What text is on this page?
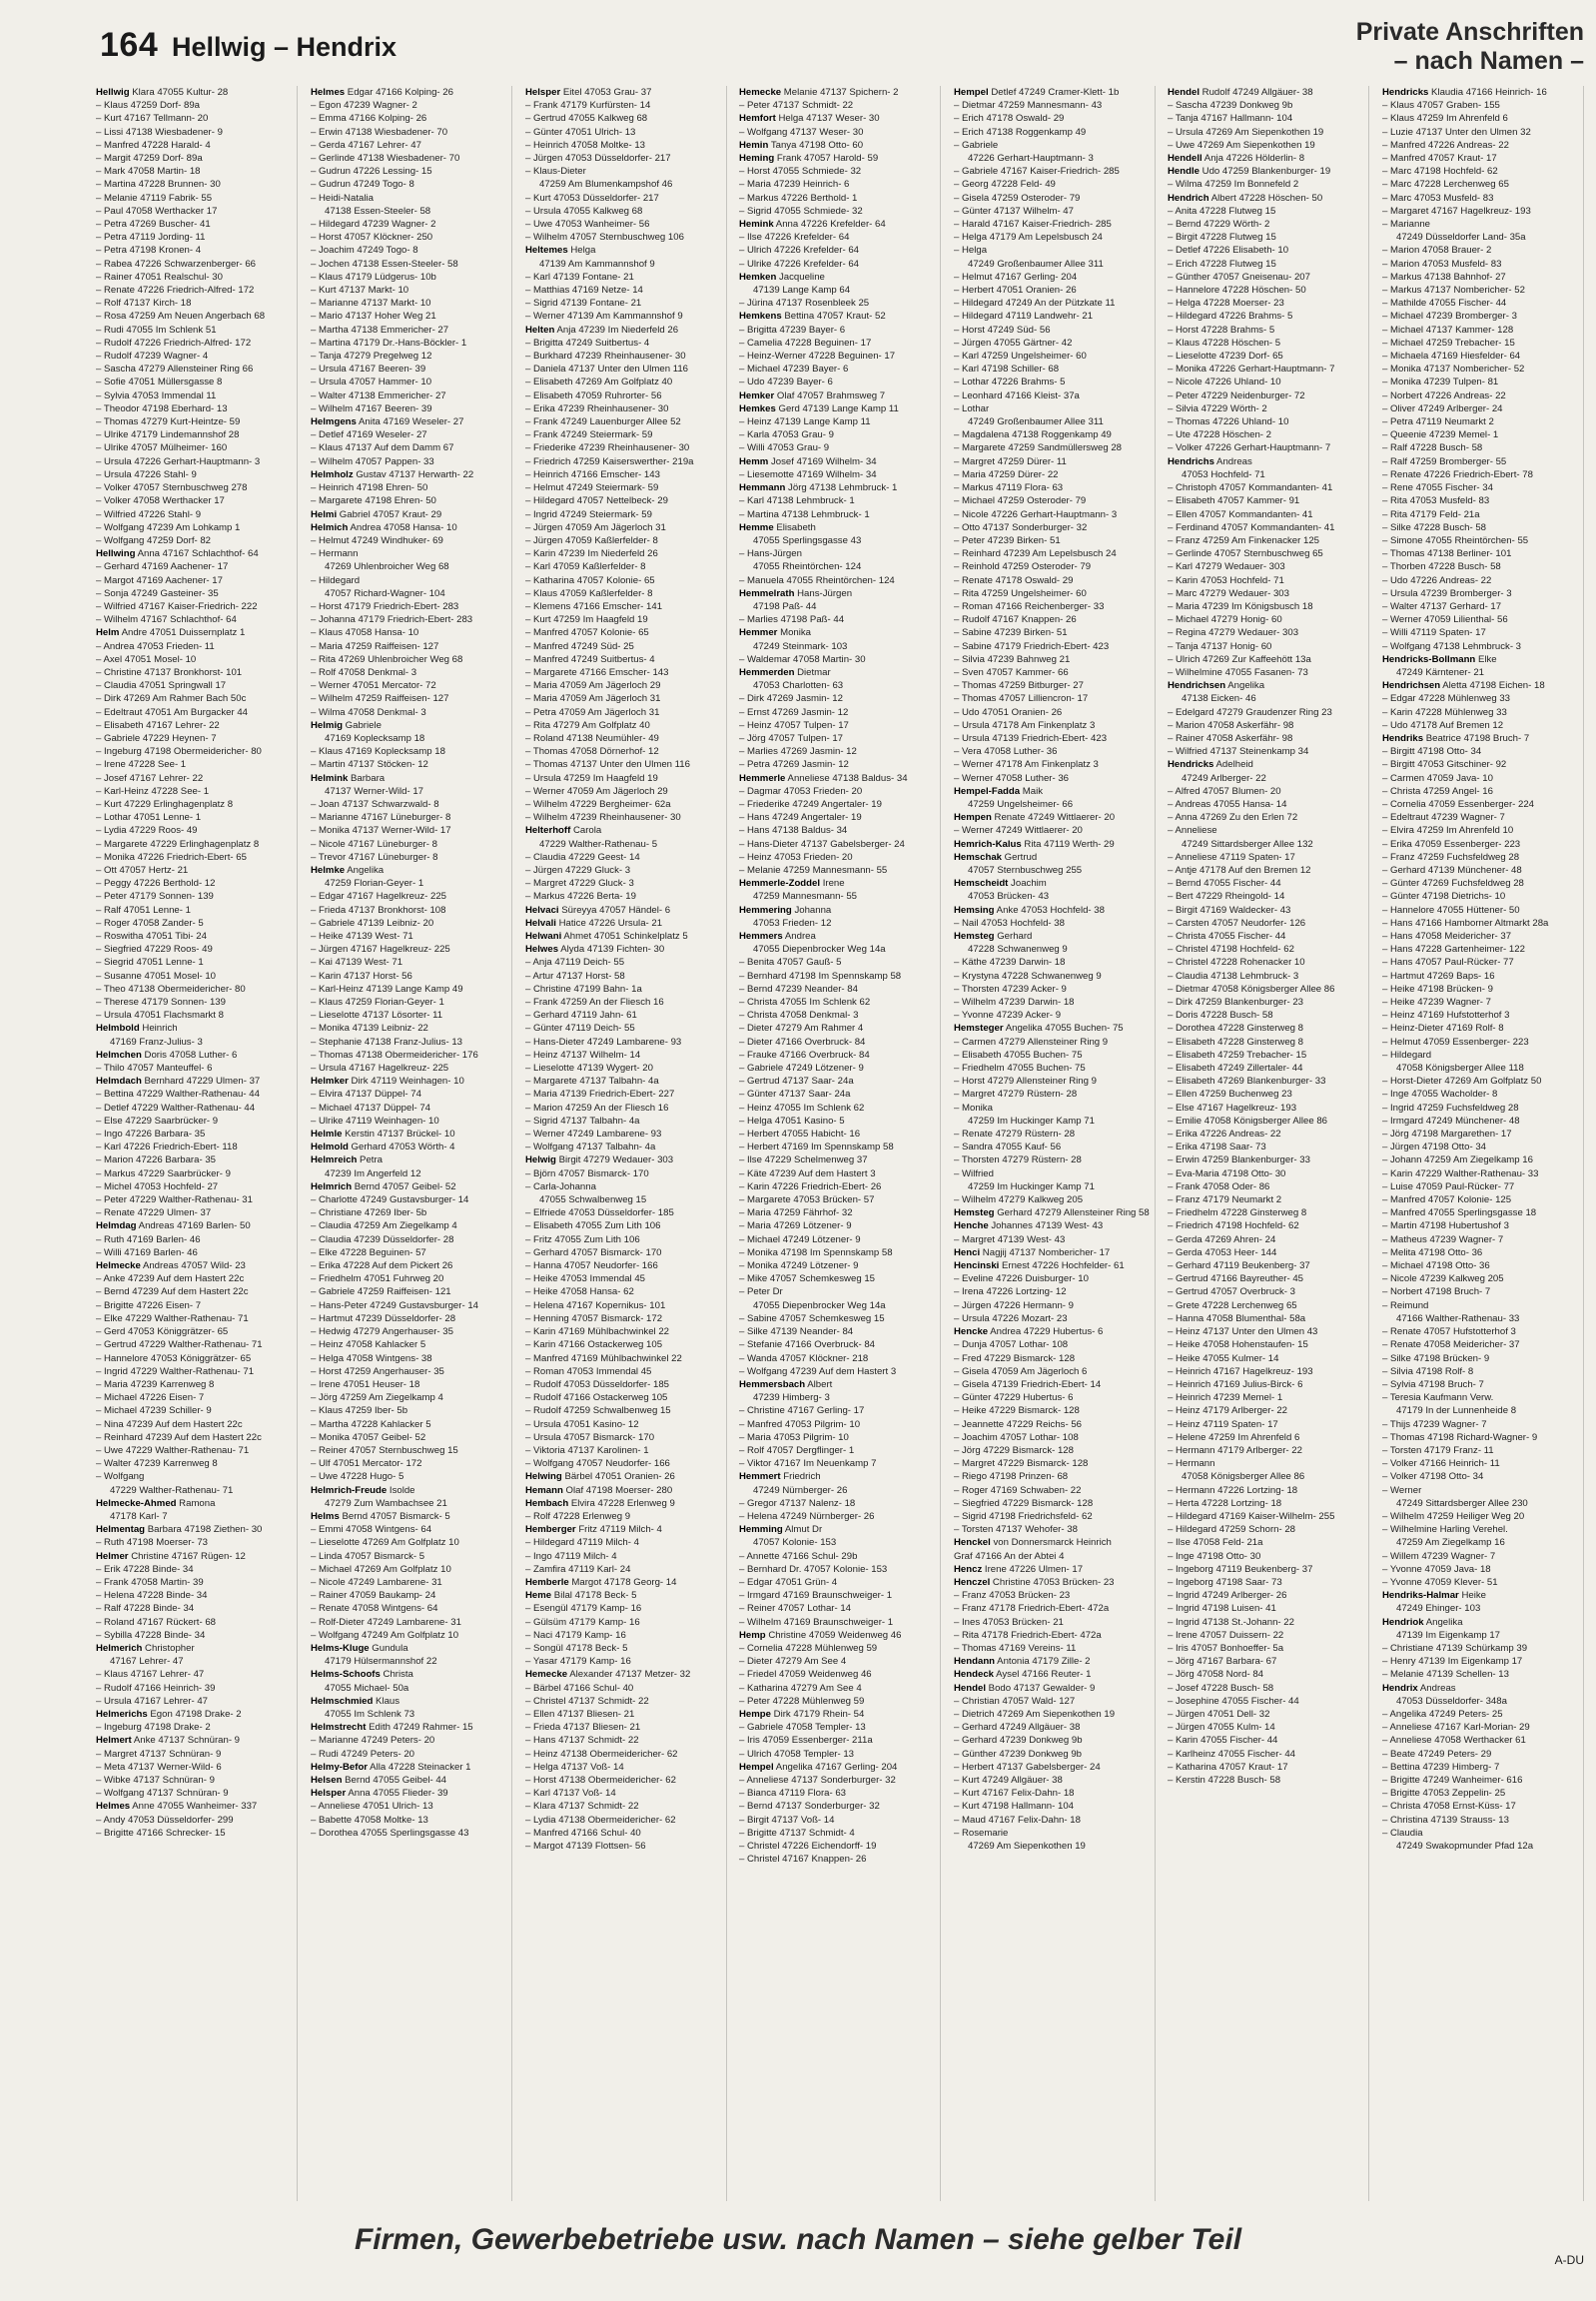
164 Hellwig – Hendrix	Private Anschriften
– nach Namen –
Hellwig Klara 47055 Kultur- 28
– Klaus 47259 Dorf- 89a
– Kurt 47167 Tellmann- 20
– Lissi 47138 Wiesbadener- 9
– Manfred 47228 Harald- 4
– Margit 47259 Dorf- 89a
– Mark 47058 Martin- 18
– Martina 47228 Brunnen- 30
– Melanie 47119 Fabrik- 55
– Paul 47058 Werthacker 17
– Petra 47269 Buscher- 41
– Petra 47119 Jording- 11
– Petra 47198 Kronen- 4
– Rabea 47226 Schwarzenberger- 66
– Rainer 47051 Realschul- 30
– Renate 47226 Friedrich-Alfred- 172
– Rolf 47137 Kirch- 18
– Rosa 47259 Am Neuen Angerbach 68
– Rudi 47055 Im Schlenk 51
– Rudolf 47226 Friedrich-Alfred- 172
– Rudolf 47239 Wagner- 4
– Sascha 47279 Allensteiner Ring 66
– Sofie 47051 Müllersgasse 8
– Sylvia 47053 Immendal 11
– Theodor 47198 Eberhard- 13
– Thomas 47279 Kurt-Heintze- 59
– Ulrike 47179 Lindemannshof 28
– Ulrike 47057 Mülheimer- 160
– Ursula 47226 Gerhart-Hauptmann- 3
– Ursula 47226 Stahl- 9
– Volker 47057 Sternbuschweg 278
– Volker 47058 Werthacker 17
– Wilfried 47226 Stahl- 9
– Wolfgang 47239 Am Lohkamp 1
– Wolfgang 47259 Dorf- 82
Hellwing Anna 47167 Schlachthof- 64
– Gerhard 47169 Aachener- 17
– Margot 47169 Aachener- 17
– Sonja 47249 Gasteiner- 35
– Wilfried 47167 Kaiser-Friedrich- 222
– Wilhelm 47167 Schlachthof- 64
Helm Andre 47051 Duissernplatz 1
– Andrea 47053 Frieden- 11
– Axel 47051 Mosel- 10
– Christine 47137 Bronkhorst- 101
– Claudia 47051 Springwall 17
– Dirk 47269 Am Rahmer Bach 50c
– Edeltraut 47051 Am Burgacker 44
– Elisabeth 47167 Lehrer- 22
– Gabriele 47229 Heynen- 7
– Ingeburg 47198 Obermeidericher- 80
– Irene 47228 See- 1
– Josef 47167 Lehrer- 22
– Karl-Heinz 47228 See- 1
– Kurt 47229 Erlinghagenplatz 8
– Lothar 47051 Lenne- 1
– Lydia 47229 Roos- 49
– Margarete 47229 Erlinghagenplatz 8
– Monika 47226 Friedrich-Ebert- 65
– Ott 47057 Hertz- 21
– Peggy 47226 Berthold- 12
– Peter 47179 Sonnen- 139
– Ralf 47051 Lenne- 1
– Roger 47058 Zander- 5
– Roswitha 47051 Tibi- 24
– Siegfried 47229 Roos- 49
– Siegrid 47051 Lenne- 1
– Susanne 47051 Mosel- 10
– Theo 47138 Obermeidericher- 80
– Therese 47179 Sonnen- 139
– Ursula 47051 Flachsmarkt 8
Helmbold Heinrich
47169 Franz-Julius- 3
Helmchen Doris 47058 Luther- 6
– Thilo 47057 Manteuffel- 6
Helmdach Bernhard 47229 Ulmen- 37
– Bettina 47229 Walther-Rathenau- 44
– Detlef 47229 Walther-Rathenau- 44
– Else 47229 Saarbrücker- 9
– Ingo 47226 Barbara- 35
– Karl 47226 Friedrich-Ebert- 118
– Marion 47226 Barbara- 35
– Markus 47229 Saarbrücker- 9
– Michel 47053 Hochfeld- 27
– Peter 47229 Walther-Rathenau- 31
– Renate 47229 Ulmen- 37
Helmdag Andreas 47169 Barlen- 50
– Ruth 47169 Barlen- 46
– Willi 47169 Barlen- 46
Helmecke Andreas 47057 Wild- 23
– Anke 47239 Auf dem Hastert 22c
– Bernd 47239 Auf dem Hastert 22c
– Brigitte 47226 Eisen- 7
– Elke 47229 Walther-Rathenau- 71
– Gerd 47053 Königgrätzer- 65
– Gertrud 47229 Walther-Rathenau- 71
– Hannelore 47053 Königgrätzer- 65
– Ingrid 47229 Walther-Rathenau- 71
– Maria 47239 Karrenweg 8
– Michael 47226 Eisen- 7
– Michael 47239 Schiller- 9
– Nina 47239 Auf dem Hastert 22c
– Reinhard 47239 Auf dem Hastert 22c
– Uwe 47229 Walther-Rathenau- 71
– Walter 47239 Karrenweg 8
– Wolfgang
47229 Walther-Rathenau- 71
Helmecke-Ahmed Ramona
47178 Karl- 7
Helmentag Barbara 47198 Ziethen- 30
– Ruth 47198 Moerser- 73
Helmer Christine 47167 Rügen- 12
– Erik 47228 Binde- 34
– Frank 47058 Martin- 39
– Helena 47228 Binde- 34
– Ralf 47228 Binde- 34
– Roland 47167 Rückert- 68
– Sybilla 47228 Binde- 34
Helmerich Christopher
47167 Lehrer- 47
– Klaus 47167 Lehrer- 47
– Rudolf 47166 Heinrich- 39
– Ursula 47167 Lehrer- 47
Helmerichs Egon 47198 Drake- 2
– Ingeburg 47198 Drake- 2
Helmert Anke 47137 Schnüran- 9
– Margret 47137 Schnüran- 9
– Meta 47137 Werner-Wild- 6
– Wibke 47137 Schnüran- 9
– Wolfgang 47137 Schnüran- 9
Helmes Anne 47055 Wanheimer- 337
– Andy 47053 Düsseldorfer- 299
– Brigitte 47166 Schrecker- 15
Helmes Edgar 47166 Kolping- 26
– Egon 47239 Wagner- 2
– Emma 47166 Kolping- 26
– Erwin 47138 Wiesbadener- 70
– Gerda 47167 Lehrer- 47
– Gerlinde 47138 Wiesbadener- 70
– Gudrun 47226 Lessing- 15
– Gudrun 47249 Togo- 8
– Heidi-Natalia
47138 Essen-Steeler- 58
– Hildegard 47239 Wagner- 2
– Horst 47057 Klöckner- 250
– Joachim 47249 Togo- 8
– Jochen 47138 Essen-Steeler- 58
– Klaus 47179 Lüdgerus- 10b
– Kurt 47137 Markt- 10
– Marianne 47137 Markt- 10
– Mario 47137 Hoher Weg 21
– Martha 47138 Emmericher- 27
– Martina 47179 Dr.-Hans-Böckler- 1
– Tanja 47279 Pregelweg 12
– Ursula 47167 Beeren- 39
– Ursula 47057 Hammer- 10
– Walter 47138 Emmericher- 27
– Wilhelm 47167 Beeren- 39
Helmgens Anita 47169 Weseler- 27
– Detlef 47169 Weseler- 27
– Klaus 47137 Auf dem Damm 67
– Wilhelm 47057 Pappen- 33
Helmholz Gustav 47137 Herwarth- 22
– Heinrich 47198 Ehren- 50
– Margarete 47198 Ehren- 50
Helmi Gabriel 47057 Kraut- 29
Helmich Andrea 47058 Hansa- 10
– Helmut 47249 Windhuker- 69
– Hermann
47269 Uhlenbroicher Weg 68
– Hildegard
47057 Richard-Wagner- 104
– Horst 47179 Friedrich-Ebert- 283
– Johanna 47179 Friedrich-Ebert- 283
– Klaus 47058 Hansa- 10
– Maria 47259 Raiffeisen- 127
– Rita 47269 Uhlenbroicher Weg 68
– Rolf 47058 Denkmal- 3
– Werner 47051 Mercator- 72
– Wilhelm 47259 Raiffeisen- 127
– Wilma 47058 Denkmal- 3
Helmig Gabriele
47169 Koplecksamp 18
– Klaus 47169 Koplecksamp 18
– Martin 47137 Stöcken- 12
Helmink Barbara
47137 Werner-Wild- 17
– Joan 47137 Schwarzwald- 8
– Marianne 47167 Lüneburger- 8
– Monika 47137 Werner-Wild- 17
– Nicole 47167 Lüneburger- 8
– Trevor 47167 Lüneburger- 8
Helmke Angelika
47259 Florian-Geyer- 1
– Edgar 47167 Hagelkreuz- 225
– Frieda 47137 Bronkhorst- 108
– Gabriele 47139 Leibniz- 20
– Heike 47139 West- 71
– Jürgen 47167 Hagelkreuz- 225
– Kai 47139 West- 71
– Karin 47137 Horst- 56
– Karl-Heinz 47139 Lange Kamp 49
– Klaus 47259 Florian-Geyer- 1
– Lieselotte 47137 Lösorter- 11
– Monika 47139 Leibniz- 22
– Stephanie 47138 Franz-Julius- 13
– Thomas 47138 Obermeidericher- 176
– Ursula 47167 Hagelkreuz- 225
Helmker Dirk 47119 Weinhagen- 10
– Elvira 47137 Düppel- 74
– Michael 47137 Düppel- 74
– Ulrike 47119 Weinhagen- 10
Helmle Kerstin 47137 Brückel- 10
Helmold Gerhard 47053 Wörth- 4
Helmreich Petra
47239 Im Angerfeld 12
Helmrich Bernd 47057 Geibel- 52
– Charlotte 47249 Gustavsburger- 14
– Christiane 47269 Iber- 5b
– Claudia 47259 Am Ziegelkamp 4
– Claudia 47239 Düsseldorfer- 28
– Elke 47228 Beguinen- 57
– Erika 47228 Auf dem Pickert 26
– Friedhelm 47051 Fuhrweg 20
– Gabriele 47259 Raiffeisen- 121
– Hans-Peter 47249 Gustavsburger- 14
– Hartmut 47239 Düsseldorfer- 28
– Hedwig 47279 Angerhauser- 35
– Heinz 47058 Kahlacker 5
– Helga 47058 Wintgens- 38
– Horst 47259 Angerhauser- 35
– Irene 47051 Heuser- 18
– Jörg 47259 Am Ziegelkamp 4
– Klaus 47259 Iber- 5b
– Martha 47228 Kahlacker 5
– Monika 47057 Geibel- 52
– Reiner 47057 Sternbuschweg 15
– Ulf 47051 Mercator- 172
– Uwe 47228 Hugo- 5
Helmrich-Freude Isolde
47279 Zum Wambachsee 21
Helms Bernd 47057 Bismarck- 5
– Emmi 47058 Wintgens- 64
– Lieselotte 47269 Am Golfplatz 10
– Linda 47057 Bismarck- 5
– Michael 47269 Am Golfplatz 10
– Nicole 47249 Lambarene- 31
– Rainer 47059 Baukamp- 24
– Renate 47058 Wintgens- 64
– Rolf-Dieter 47249 Lambarene- 31
– Wolfgang 47249 Am Golfplatz 10
Helms-Kluge Gundula
47179 Hülsermannshof 22
Helms-Schoofs Christa
47055 Michael- 50a
Helmschmied Klaus
47055 Im Schlenk 73
Helmstrecht Edith 47249 Rahmer- 15
– Marianne 47249 Peters- 20
– Rudi 47249 Peters- 20
Helmy-Befor Alla 47228 Steinacker 1
Helsen Bernd 47055 Geibel- 44
Helsper Anna 47055 Flieder- 39
– Anneliese 47051 Ulrich- 13
– Babette 47058 Moltke- 13
– Dorothea 47055 Sperlingsgasse 43
Helsper Eitel 47053 Grau- 37
– Frank 47179 Kurfürsten- 14
– Gertrud 47055 Kalkweg 68
– Günter 47051 Ulrich- 13
– Heinrich 47058 Moltke- 13
– Jürgen 47053 Düsseldorfer- 217
– Klaus-Dieter
47259 Am Blumenkampshof 46
– Kurt 47053 Düsseldorfer- 217
– Ursula 47055 Kalkweg 68
– Uwe 47053 Wanheimer- 56
– Wilhelm 47057 Sternbuschweg 106
Heltemes Helga
47139 Am Kammannshof 9
– Karl 47139 Fontane- 21
– Matthias 47169 Netze- 14
– Sigrid 47139 Fontane- 21
– Werner 47139 Am Kammannshof 9
Helten Anja 47239 Im Niederfeld 26
– Brigitta 47249 Suitbertus- 4
– Burkhard 47239 Rheinhausener- 30
– Daniela 47137 Unter den Ulmen 116
– Elisabeth 47269 Am Golfplatz 40
– Elisabeth 47059 Ruhrorter- 56
– Erika 47239 Rheinhausener- 30
– Frank 47249 Lauenburger Allee 52
– Frank 47249 Steiermark- 59
– Friederike 47239 Rheinhausener- 30
– Friedrich 47259 Kaiserswerther- 219a
– Heinrich 47166 Emscher- 143
– Helmut 47249 Steiermark- 59
– Hildegard 47057 Nettelbeck- 29
– Ingrid 47249 Steiermark- 59
– Jürgen 47059 Am Jägerloch 31
– Jürgen 47059 Kaßlerfelder- 8
– Karin 47239 Im Niederfeld 26
– Karl 47059 Kaßlerfelder- 8
– Katharina 47057 Kolonie- 65
– Klaus 47059 Kaßlerfelder- 8
– Klemens 47166 Emscher- 141
– Kurt 47259 Im Haagfeld 19
– Manfred 47057 Kolonie- 65
– Manfred 47249 Süd- 25
– Manfred 47249 Suitbertus- 4
– Margarete 47166 Emscher- 143
– Maria 47059 Am Jägerloch 29
– Maria 47059 Am Jägerloch 31
– Petra 47059 Am Jägerloch 31
– Rita 47279 Am Golfplatz 40
– Roland 47138 Neumühler- 49
– Thomas 47058 Dörnerhof- 12
– Thomas 47137 Unter den Ulmen 116
– Ursula 47259 Im Haagfeld 19
– Werner 47059 Am Jägerloch 29
– Wilhelm 47229 Bergheimer- 62a
– Wilhelm 47239 Rheinhausener- 30
Helterhoff Carola
47229 Walther-Rathenau- 5
– Claudia 47229 Geest- 14
– Jürgen 47229 Gluck- 3
– Margret 47229 Gluck- 3
– Markus 47226 Berta- 19
Helvaci Süreyya 47057 Händel- 6
Helvali Hatice 47226 Ursula- 21
Helwani Ahmet 47051 Schinkelplatz 5
Helwes Alyda 47139 Fichten- 30
– Anja 47119 Deich- 55
– Artur 47137 Horst- 58
– Christine 47199 Bahn- 1a
– Frank 47259 An der Fliesch 16
– Gerhard 47119 Jahn- 61
– Günter 47119 Deich- 55
– Hans-Dieter 47249 Lambarene- 93
– Heinz 47137 Wilhelm- 14
– Lieselotte 47139 Wygert- 20
– Margarete 47137 Talbahn- 4a
– Maria 47139 Friedrich-Ebert- 227
– Marion 47259 An der Fliesch 16
– Sigrid 47137 Talbahn- 4a
– Werner 47249 Lambarene- 93
– Wolfgang 47137 Talbahn- 4a
Helwig Birgit 47279 Wedauer- 303
– Björn 47057 Bismarck- 170
– Carla-Johanna
47055 Schwalbenweg 15
– Elfriede 47053 Düsseldorfer- 185
– Elisabeth 47055 Zum Lith 106
– Fritz 47055 Zum Lith 106
– Gerhard 47057 Bismarck- 170
– Hanna 47057 Neudorfer- 166
– Heike 47053 Immendal 45
– Heike 47058 Hansa- 62
– Helena 47167 Kopernikus- 101
– Henning 47057 Bismarck- 172
– Karin 47169 Mühlbachwinkel 22
– Karin 47166 Ostackerweg 105
– Manfred 47169 Mühlbachwinkel 22
– Roman 47053 Immendal 45
– Rudolf 47053 Düsseldorfer- 185
– Rudolf 47166 Ostackerweg 105
– Rudolf 47259 Schwalbenweg 15
– Ursula 47051 Kasino- 12
– Ursula 47057 Bismarck- 170
– Viktoria 47137 Karolinen- 1
– Wolfgang 47057 Neudorfer- 166
Helwing Bärbel 47051 Oranien- 26
Hemann Olaf 47198 Moerser- 280
Hembach Elvira 47228 Erlenweg 9
– Rolf 47228 Erlenweg 9
Hemberger Fritz 47119 Milch- 4
– Hildegard 47119 Milch- 4
– Ingo 47119 Milch- 4
– Zamfira 47119 Karl- 24
Hemberle Margot 47178 Georg- 14
Heme Bilal 47178 Beck- 5
– Esengül 47179 Kamp- 16
– Gülsüm 47179 Kamp- 16
– Naci 47179 Kamp- 16
– Songül 47178 Beck- 5
– Yasar 47179 Kamp- 16
Hemecke Alexander 47137 Metzer- 32
– Bärbel 47166 Schul- 40
– Christel 47137 Schmidt- 22
– Ellen 47137 Bliesen- 21
– Frieda 47137 Bliesen- 21
– Hans 47137 Schmidt- 22
– Heinz 47138 Obermeidericher- 62
– Helga 47137 Voß- 14
– Horst 47138 Obermeidericher- 62
– Karl 47137 Voß- 14
– Klara 47137 Schmidt- 22
– Lydia 47138 Obermeidericher- 62
– Manfred 47166 Schul- 40
– Margot 47139 Flottsen- 56
Hemecke Melanie 47137 Spichern- 2
– Peter 47137 Schmidt- 22
Hemfort Helga 47137 Weser- 30
– Wolfgang 47137 Weser- 30
Hemin Tanya 47198 Otto- 60
Heming Frank 47057 Harold- 59
– Horst 47055 Schmiede- 32
– Maria 47239 Heinrich- 6
– Markus 47226 Berthold- 1
– Sigrid 47055 Schmiede- 32
Hemink Anna 47226 Krefelder- 64
– Ilse 47226 Krefelder- 64
– Ulrich 47226 Krefelder- 64
– Ulrike 47226 Krefelder- 64
Hemken Jacqueline
47139 Lange Kamp 64
– Jürina 47137 Rosenbleek 25
Hemkens Bettina 47057 Kraut- 52
– Brigitta 47239 Bayer- 6
– Camelia 47228 Beguinen- 17
– Heinz-Werner 47228 Beguinen- 17
– Michael 47239 Bayer- 6
– Udo 47239 Bayer- 6
Hemker Olaf 47057 Brahmsweg 7
Hemkes Gerd 47139 Lange Kamp 11
– Heinz 47139 Lange Kamp 11
– Karla 47053 Grau- 9
– Willi 47053 Grau- 9
Hemm Josef 47169 Wilhelm- 34
– Liesemotte 47169 Wilhelm- 34
Hemmann Jörg 47138 Lehmbruck- 1
– Karl 47138 Lehmbruck- 1
– Martina 47138 Lehmbruck- 1
Hemme Elisabeth
47055 Sperlingsgasse 43
– Hans-Jürgen
47055 Rheintörchen- 124
– Manuela 47055 Rheintörchen- 124
Hemmelrath Hans-Jürgen
47198 Paß- 44
– Marlies 47198 Paß- 44
Hemmer Monika
47249 Steinmark- 103
– Waldemar 47058 Martin- 30
Hemmerden Dietmar
47053 Charlotten- 63
– Dirk 47269 Jasmin- 12
– Ernst 47269 Jasmin- 12
– Heinz 47057 Tulpen- 17
– Jörg 47057 Tulpen- 17
– Marlies 47269 Jasmin- 12
– Petra 47269 Jasmin- 12
Hemmerle Anneliese 47138 Baldus- 34
– Dagmar 47053 Frieden- 20
– Friederike 47249 Angertaler- 19
– Hans 47249 Angertaler- 19
– Hans 47138 Baldus- 34
– Hans-Dieter 47137 Gabelsberger- 24
– Heinz 47053 Frieden- 20
– Melanie 47259 Mannesmann- 55
Hemmerle-Zoddel Irene
47259 Mannesmann- 55
Hemmering Johanna
47053 Frieden- 12
Hemmers Andrea
47055 Diepenbrocker Weg 14a
– Benita 47057 Gauß- 5
– Bernhard 47198 Im Spennskamp 58
– Bernd 47239 Neander- 84
– Christa 47055 Im Schlenk 62
– Christa 47058 Denkmal- 3
– Dieter 47279 Am Rahmer 4
– Dieter 47166 Overbruck- 84
– Frauke 47166 Overbruck- 84
– Gabriele 47249 Lötzener- 9
– Gertrud 47137 Saar- 24a
– Günter 47137 Saar- 24a
– Heinz 47055 Im Schlenk 62
– Helga 47051 Kasino- 5
– Herbert 47055 Habicht- 16
– Herbert 47169 Im Spennskamp 58
– Ilse 47229 Schelmenweg 37
– Käte 47239 Auf dem Hastert 3
– Karin 47226 Friedrich-Ebert- 26
– Margarete 47053 Brücken- 57
– Maria 47259 Fährhof- 32
– Maria 47269 Lötzener- 9
– Michael 47249 Lötzener- 9
– Monika 47198 Im Spennskamp 58
– Monika 47249 Lötzener- 9
– Mike 47057 Schemkesweg 15
– Peter Dr
47055 Diepenbrocker Weg 14a
– Sabine 47057 Schemkesweg 15
– Silke 47139 Neander- 84
– Stefanie 47166 Overbruck- 84
– Wanda 47057 Klöckner- 218
– Wolfgang 47239 Auf dem Hastert 3
Hemmersbach Albert
47239 Himberg- 3
– Christine 47167 Gerling- 17
– Manfred 47053 Pilgrim- 10
– Maria 47053 Pilgrim- 10
– Rolf 47057 Dergflinger- 1
– Viktor 47167 Im Neuenkamp 7
Hemmert Friedrich
47249 Nürnberger- 26
– Gregor 47137 Nalenz- 18
– Helena 47249 Nürnberger- 26
Hemming Almut Dr
47057 Kolonie- 153
– Annette 47166 Schul- 29b
– Bernhard Dr. 47057 Kolonie- 153
– Edgar 47051 Grün- 4
– Irmgard 47169 Braunschweiger- 1
– Reiner 47057 Lothar- 14
– Wilhelm 47169 Braunschweiger- 1
Hemp Christine 47059 Weidenweg 46
– Cornelia 47228 Mühlenweg 59
– Dieter 47279 Am See 4
– Friedel 47059 Weidenweg 46
– Katharina 47279 Am See 4
– Peter 47228 Mühlenweg 59
Hempe Dirk 47179 Rhein- 54
– Gabriele 47058 Templer- 13
– Iris 47059 Essenberger- 211a
– Ulrich 47058 Templer- 13
Hempel Angelika 47167 Gerling- 204
– Anneliese 47137 Sonderburger- 32
– Bianca 47119 Flora- 63
– Bernd 47137 Sonderburger- 32
– Birgit 47137 Voß- 14
– Brigitte 47137 Schmidt- 4
– Christel 47226 Eichendorff- 19
– Christel 47167 Knappen- 26
Hempel Detlef 47249 Cramer-Klett- 1b
– Dietmar 47259 Mannesmann- 43
– Erich 47178 Oswald- 29
– Erich 47138 Roggenkamp 49
– Gabriele
47226 Gerhart-Hauptmann- 3
– Gabriele 47167 Kaiser-Friedrich- 285
– Georg 47228 Feld- 49
– Gisela 47259 Osteroder- 79
– Günter 47137 Wilhelm- 47
– Harald 47167 Kaiser-Friedrich- 285
– Helga 47179 Am Lepelsbusch 24
– Helga
47249 Großenbaumer Allee 311
– Helmut 47167 Gerling- 204
– Herbert 47051 Oranien- 26
– Hildegard 47249 An der Pützkate 11
– Hildegard 47119 Landwehr- 21
– Horst 47249 Süd- 56
– Jürgen 47055 Gärtner- 42
– Karl 47259 Ungelsheimer- 60
– Karl 47198 Schiller- 68
– Lothar 47226 Brahms- 5
– Leonhard 47166 Kleist- 37a
– Lothar
47249 Großenbaumer Allee 311
– Magdalena 47138 Roggenkamp 49
– Margarete 47259 Sandmüllersweg 28
– Margret 47259 Dürer- 11
– Maria 47259 Dürer- 22
– Markus 47119 Flora- 63
– Michael 47259 Osteroder- 79
– Nicole 47226 Gerhart-Hauptmann- 3
– Otto 47137 Sonderburger- 32
– Peter 47239 Birken- 51
– Reinhard 47239 Am Lepelsbusch 24
– Reinhold 47259 Osteroder- 79
– Renate 47178 Oswald- 29
– Rita 47259 Ungelsheimer- 60
– Roman 47166 Reichenberger- 33
– Rudolf 47167 Knappen- 26
– Sabine 47239 Birken- 51
– Sabine 47179 Friedrich-Ebert- 423
– Silvia 47239 Bahnweg 21
– Sven 47057 Kammer- 66
– Thomas 47259 Bitburger- 27
– Thomas 47057 Lilliencron- 17
– Udo 47051 Oranien- 26
– Ursula 47178 Am Finkenplatz 3
– Ursula 47139 Friedrich-Ebert- 423
– Vera 47058 Luther- 36
– Werner 47178 Am Finkenplatz 3
– Werner 47058 Luther- 36
Hempel-Fadda Maik
47259 Ungelsheimer- 66
Hempen Renate 47249 Wittlaerer- 20
– Werner 47249 Wittlaerer- 20
Hemrich-Kalus Rita 47119 Werth- 29
Hemschak Gertrud
47057 Sternbuschweg 255
Hemscheidt Joachim
47053 Brücken- 43
Hemsing Anke 47053 Hochfeld- 38
– Nail 47053 Hochfeld- 38
Hemsteg Gerhard
47228 Schwanenweg 9
– Käthe 47239 Darwin- 18
– Krystyna 47228 Schwanenweg 9
– Thorsten 47239 Acker- 9
– Wilhelm 47239 Darwin- 18
– Yvonne 47239 Acker- 9
Hemsteger Angelika 47055 Buchen- 75
– Carmen 47279 Allensteiner Ring 9
– Elisabeth 47055 Buchen- 75
– Friedhelm 47055 Buchen- 75
– Horst 47279 Allensteiner Ring 9
– Margret 47279 Rüstern- 28
– Monika
47259 Im Huckinger Kamp 71
– Renate 47279 Rüstern- 28
– Sandra 47055 Kauf- 56
– Thorsten 47279 Rüstern- 28
– Wilfried
47259 Im Huckinger Kamp 71
– Wilhelm 47279 Kalkweg 205
Hemsteg Gerhard 47279 Allensteiner Ring 58
Henche Johannes 47139 West- 43
– Margret 47139 West- 43
Henci Nagjij 47137 Nombericher- 17
Hencinski Ernest 47226 Hochfelder- 61
– Eveline 47226 Duisburger- 10
– Irena 47226 Lortzing- 12
– Jürgen 47226 Hermann- 9
– Ursula 47226 Mozart- 23
Hencke Andrea 47229 Hubertus- 6
– Dunja 47057 Lothar- 108
– Fred 47229 Bismarck- 128
– Gisela 47059 Am Jägerloch 6
– Gisela 47139 Friedrich-Ebert- 14
– Günter 47229 Hubertus- 6
– Heike 47229 Bismarck- 128
– Jeannette 47229 Reichs- 56
– Joachim 47057 Lothar- 108
– Jörg 47229 Bismarck- 128
– Margret 47229 Bismarck- 128
– Riego 47198 Prinzen- 68
– Roger 47169 Schwaben- 22
– Siegfried 47229 Bismarck- 128
– Sigrid 47198 Friedrichsfeld- 62
– Torsten 47137 Wehofer- 38
Henckel von Donnersmarck Heinrich
Graf 47166 An der Abtei 4
Hencz Irene 47226 Ulmen- 17
Henczel Christine 47053 Brücken- 23
– Franz 47053 Brücken- 23
– Franz 47178 Friedrich-Ebert- 472a
– Ines 47053 Brücken- 21
– Rita 47178 Friedrich-Ebert- 472a
– Thomas 47169 Vereins- 11
Hendann Antonia 47179 Zille- 2
Hendeck Aysel 47166 Reuter- 1
Hendel Bodo 47137 Gewalder- 9
– Christian 47057 Wald- 127
– Dietrich 47269 Am Siepenkothen 19
– Gerhard 47249 Allgäuer- 38
– Gerhard 47239 Donkweg 9b
– Günther 47239 Donkweg 9b
– Herbert 47137 Gabelsberger- 24
– Kurt 47249 Allgäuer- 38
– Kurt 47167 Felix-Dahn- 18
– Kurt 47198 Hallmann- 104
– Maud 47167 Felix-Dahn- 18
– Rosemarie
47269 Am Siepenkothen 19
Hendel Rudolf 47249 Allgäuer- 38
– Sascha 47239 Donkweg 9b
– Tanja 47167 Hallmann- 104
– Ursula 47269 Am Siepenkothen 19
– Uwe 47269 Am Siepenkothen 19
Hendell Anja 47226 Hölderlin- 8
Hendle Udo 47259 Blankenburger- 19
– Wilma 47259 Im Bonnefeld 2
Hendrich Albert 47228 Höschen- 50
– Anita 47228 Flutweg 15
– Bernd 47229 Wörth- 2
– Birgit 47228 Flutweg 15
– Detlef 47226 Elisabeth- 10
– Erich 47228 Flutweg 15
– Günther 47057 Gneisenau- 207
– Hannelore 47228 Höschen- 50
– Helga 47228 Moerser- 23
– Hildegard 47226 Brahms- 5
– Horst 47228 Brahms- 5
– Klaus 47228 Höschen- 5
– Lieselotte 47239 Dorf- 65
– Monika 47226 Gerhart-Hauptmann- 7
– Nicole 47226 Uhland- 10
– Peter 47229 Neidenburger- 72
– Silvia 47229 Wörth- 2
– Thomas 47226 Uhland- 10
– Ute 47228 Höschen- 2
– Volker 47226 Gerhart-Hauptmann- 7
Hendrichs Andreas
47053 Hochfeld- 71
– Christoph 47057 Kommandanten- 41
– Elisabeth 47057 Kammer- 91
– Ellen 47057 Kommandanten- 41
– Ferdinand 47057 Kommandanten- 41
– Franz 47259 Am Finkenacker 125
– Gerlinde 47057 Sternbuschweg 65
– Karl 47279 Wedauer- 303
– Karin 47053 Hochfeld- 71
– Marc 47279 Wedauer- 303
– Maria 47239 Im Königsbusch 18
– Michael 47279 Honig- 60
– Regina 47279 Wedauer- 303
– Tanja 47137 Honig- 60
– Ulrich 47269 Zur Kaffeehött 13a
– Wilhelmine 47055 Fasanen- 73
Hendrichsen Angelika
47138 Eicken- 46
– Edelgard 47279 Graudenzer Ring 23
– Marion 47058 Askerfähr- 98
– Rainer 47058 Askerfähr- 98
– Wilfried 47137 Steinenkamp 34
Hendricks Adelheid
47249 Arlberger- 22
– Alfred 47057 Blumen- 20
– Andreas 47055 Hansa- 14
– Anna 47269 Zu den Erlen 72
– Anneliese
47249 Sittardsberger Allee 132
– Anneliese 47119 Spaten- 17
– Antje 47178 Auf den Bremen 12
– Bernd 47055 Fischer- 44
– Bert 47229 Rheingold- 14
– Birgit 47169 Waldecker- 43
– Carsten 47057 Neudorfer- 126
– Christa 47055 Fischer- 44
– Christel 47198 Hochfeld- 62
– Christel 47228 Rohenacker 10
– Claudia 47138 Lehmbruck- 3
– Dietmar 47058 Königsberger Allee 86
– Dirk 47259 Blankenburger- 23
– Doris 47228 Busch- 58
– Dorothea 47228 Ginsterweg 8
– Elisabeth 47228 Ginsterweg 8
– Elisabeth 47259 Trebacher- 15
– Elisabeth 47249 Zillertaler- 44
– Elisabeth 47269 Blankenburger- 33
– Ellen 47259 Buchenweg 23
– Else 47167 Hagelkreuz- 193
– Emilie 47058 Königsberger Allee 86
– Erika 47226 Andreas- 22
– Erika 47198 Saar- 73
– Erwin 47259 Blankenburger- 33
– Eva-Maria 47198 Otto- 30
– Frank 47058 Oder- 86
– Franz 47179 Neumarkt 2
– Friedhelm 47228 Ginsterweg 8
– Friedrich 47198 Hochfeld- 62
– Gerda 47269 Ahren- 24
– Gerda 47053 Heer- 144
– Gerhard 47119 Beukenberg- 37
– Gertrud 47166 Bayreuther- 45
– Gertrud 47057 Overbruck- 3
– Grete 47228 Lerchenweg 65
– Hanna 47058 Blumenthal- 58a
– Heinz 47137 Unter den Ulmen 43
– Heike 47058 Hohenstaufen- 15
– Heike 47055 Kulmer- 14
– Heinrich 47167 Hagelkreuz- 193
– Heinrich 47169 Julius-Birck- 6
– Heinrich 47239 Memel- 1
– Heinz 47179 Arlberger- 22
– Heinz 47119 Spaten- 17
– Helene 47259 Im Ahrenfeld 6
– Hermann 47179 Arlberger- 22
– Hermann
47058 Königsberger Allee 86
– Hermann 47226 Lortzing- 18
– Herta 47228 Lortzing- 18
– Hildegard 47169 Kaiser-Wilhelm- 255
– Hildegard 47259 Schorn- 28
– Ilse 47058 Feld- 21a
– Inge 47198 Otto- 30
– Ingeborg 47119 Beukenberg- 37
– Ingeborg 47198 Saar- 73
– Ingrid 47249 Arlberger- 26
– Ingrid 47198 Luisen- 41
– Ingrid 47138 St.-Johann- 22
– Irene 47057 Duissern- 22
– Iris 47057 Bonhoeffer- 5a
– Jörg 47167 Barbara- 67
– Jörg 47058 Nord- 84
– Josef 47228 Busch- 58
– Josephine 47055 Fischer- 44
– Jürgen 47051 Dell- 32
– Jürgen 47055 Kulm- 14
– Karin 47055 Fischer- 44
– Karlheinz 47055 Fischer- 44
– Katharina 47057 Kraut- 17
– Kerstin 47228 Busch- 58
Hendricks Klaudia 47166 Heinrich- 16
– Klaus 47057 Graben- 155
– Klaus 47259 Im Ahrenfeld 6
– Luzie 47137 Unter den Ulmen 32
– Manfred 47226 Andreas- 22
– Manfred 47057 Kraut- 17
– Marc 47198 Hochfeld- 62
– Marc 47228 Lerchenweg 65
– Marc 47053 Musfeld- 83
– Margaret 47167 Hagelkreuz- 193
– Marianne
47249 Düsseldorfer Land- 35a
– Marion 47058 Brauer- 2
– Marion 47053 Musfeld- 83
– Markus 47138 Bahnhof- 27
– Markus 47137 Nombericher- 52
– Mathilde 47055 Fischer- 44
– Michael 47239 Bromberger- 3
– Michael 47137 Kammer- 128
– Michael 47259 Trebacher- 15
– Michaela 47169 Hiesfelder- 64
– Monika 47137 Nombericher- 52
– Monika 47239 Tulpen- 81
– Norbert 47226 Andreas- 22
– Oliver 47249 Arlberger- 24
– Petra 47119 Neumarkt 2
– Queenie 47239 Memel- 1
– Ralf 47228 Busch- 58
– Ralf 47259 Bromberger- 55
– Renate 47226 Friedrich-Ebert- 78
– Rene 47055 Fischer- 34
– Rita 47053 Musfeld- 83
– Rita 47179 Feld- 21a
– Silke 47228 Busch- 58
– Simone 47055 Rheintörchen- 55
– Thomas 47138 Berliner- 101
– Thorben 47228 Busch- 58
– Udo 47226 Andreas- 22
– Ursula 47239 Bromberger- 3
– Walter 47137 Gerhard- 17
– Werner 47059 Lilienthal- 56
– Willi 47119 Spaten- 17
– Wolfgang 47138 Lehmbruck- 3
Hendricks-Bollmann Elke
47249 Kärntener- 21
Hendrichsen Aletta 47198 Eichen- 18
– Edgar 47228 Mühlenweg 33
– Karin 47228 Mühlenweg 33
– Udo 47178 Auf Bremen 12
Hendriks Beatrice 47198 Bruch- 7
– Birgitt 47198 Otto- 34
– Birgitt 47053 Gitschiner- 92
– Carmen 47059 Java- 10
– Christa 47259 Angel- 16
– Cornelia 47059 Essenberger- 224
– Edeltraut 47239 Wagner- 7
– Elvira 47259 Im Ahrenfeld 10
– Erika 47059 Essenberger- 223
– Franz 47259 Fuchsfeldweg 28
– Gerhard 47139 Münchener- 48
– Günter 47269 Fuchsfeldweg 28
– Günter 47198 Dietrichs- 10
– Hannelore 47055 Hüttener- 50
– Hans 47166 Hamborner Altmarkt 28a
– Hans 47058 Meidericher- 37
– Hans 47228 Gartenheimer- 122
– Hans 47057 Paul-Rücker- 77
– Hartmut 47269 Baps- 16
– Heike 47198 Brücken- 9
– Heike 47239 Wagner- 7
– Heinz 47169 Hufstotterhof 3
– Heinz-Dieter 47169 Rolf- 8
– Helmut 47059 Essenberger- 223
– Hildegard
47058 Königsberger Allee 118
– Horst-Dieter 47269 Am Golfplatz 50
– Inge 47055 Wacholder- 8
– Ingrid 47259 Fuchsfeldweg 28
– Irmgard 47249 Münchener- 48
– Jörg 47198 Margarethen- 17
– Jürgen 47198 Otto- 34
– Johann 47259 Am Ziegelkamp 16
– Karin 47229 Walther-Rathenau- 33
– Luise 47059 Paul-Rücker- 77
– Manfred 47057 Kolonie- 125
– Manfred 47055 Sperlingsgasse 18
– Martin 47198 Hubertushof 3
– Matheus 47239 Wagner- 7
– Melita 47198 Otto- 36
– Michael 47198 Otto- 36
– Nicole 47239 Kalkweg 205
– Norbert 47198 Bruch- 7
– Reimund
47166 Walther-Rathenau- 33
– Renate 47057 Hufstotterhof 3
– Renate 47058 Meidericher- 37
– Silke 47198 Brücken- 9
– Silvia 47198 Rolf- 8
– Sylvia 47198 Bruch- 7
– Teresia Kaufmann Verw.
47179 In der Lunnenheide 8
– Thijs 47239 Wagner- 7
– Thomas 47198 Richard-Wagner- 9
– Torsten 47179 Franz- 11
– Volker 47166 Heinrich- 11
– Volker 47198 Otto- 34
– Werner
47249 Sittardsberger Allee 230
– Wilhelm 47259 Heiliger Weg 20
– Wilhelmine Harling Verehel.
47259 Am Ziegelkamp 16
– Willem 47239 Wagner- 7
– Yvonne 47059 Java- 18
– Yvonne 47059 Klever- 51
Hendriks-Halmar Heike
47249 Ehinger- 103
Hendriok Angelika
47139 Im Eigenkamp 17
– Christiane 47139 Schürkamp 39
– Henry 47139 Im Eigenkamp 17
– Melanie 47139 Schellen- 13
Hendrix Andreas
47053 Düsseldorfer- 348a
– Angelika 47249 Peters- 25
– Anneliese 47167 Karl-Morian- 29
– Anneliese 47058 Werthacker 61
– Beate 47249 Peters- 29
– Bettina 47239 Himberg- 7
– Brigitte 47249 Wanheimer- 616
– Brigitte 47053 Zeppelin- 25
– Christa 47058 Ernst-Küss- 17
– Christina 47139 Strauss- 13
– Claudia
47249 Swakopmunder Pfad 12a
Firmen, Gewerbebetriebe usw. nach Namen – siehe gelber Teil
A-DU
